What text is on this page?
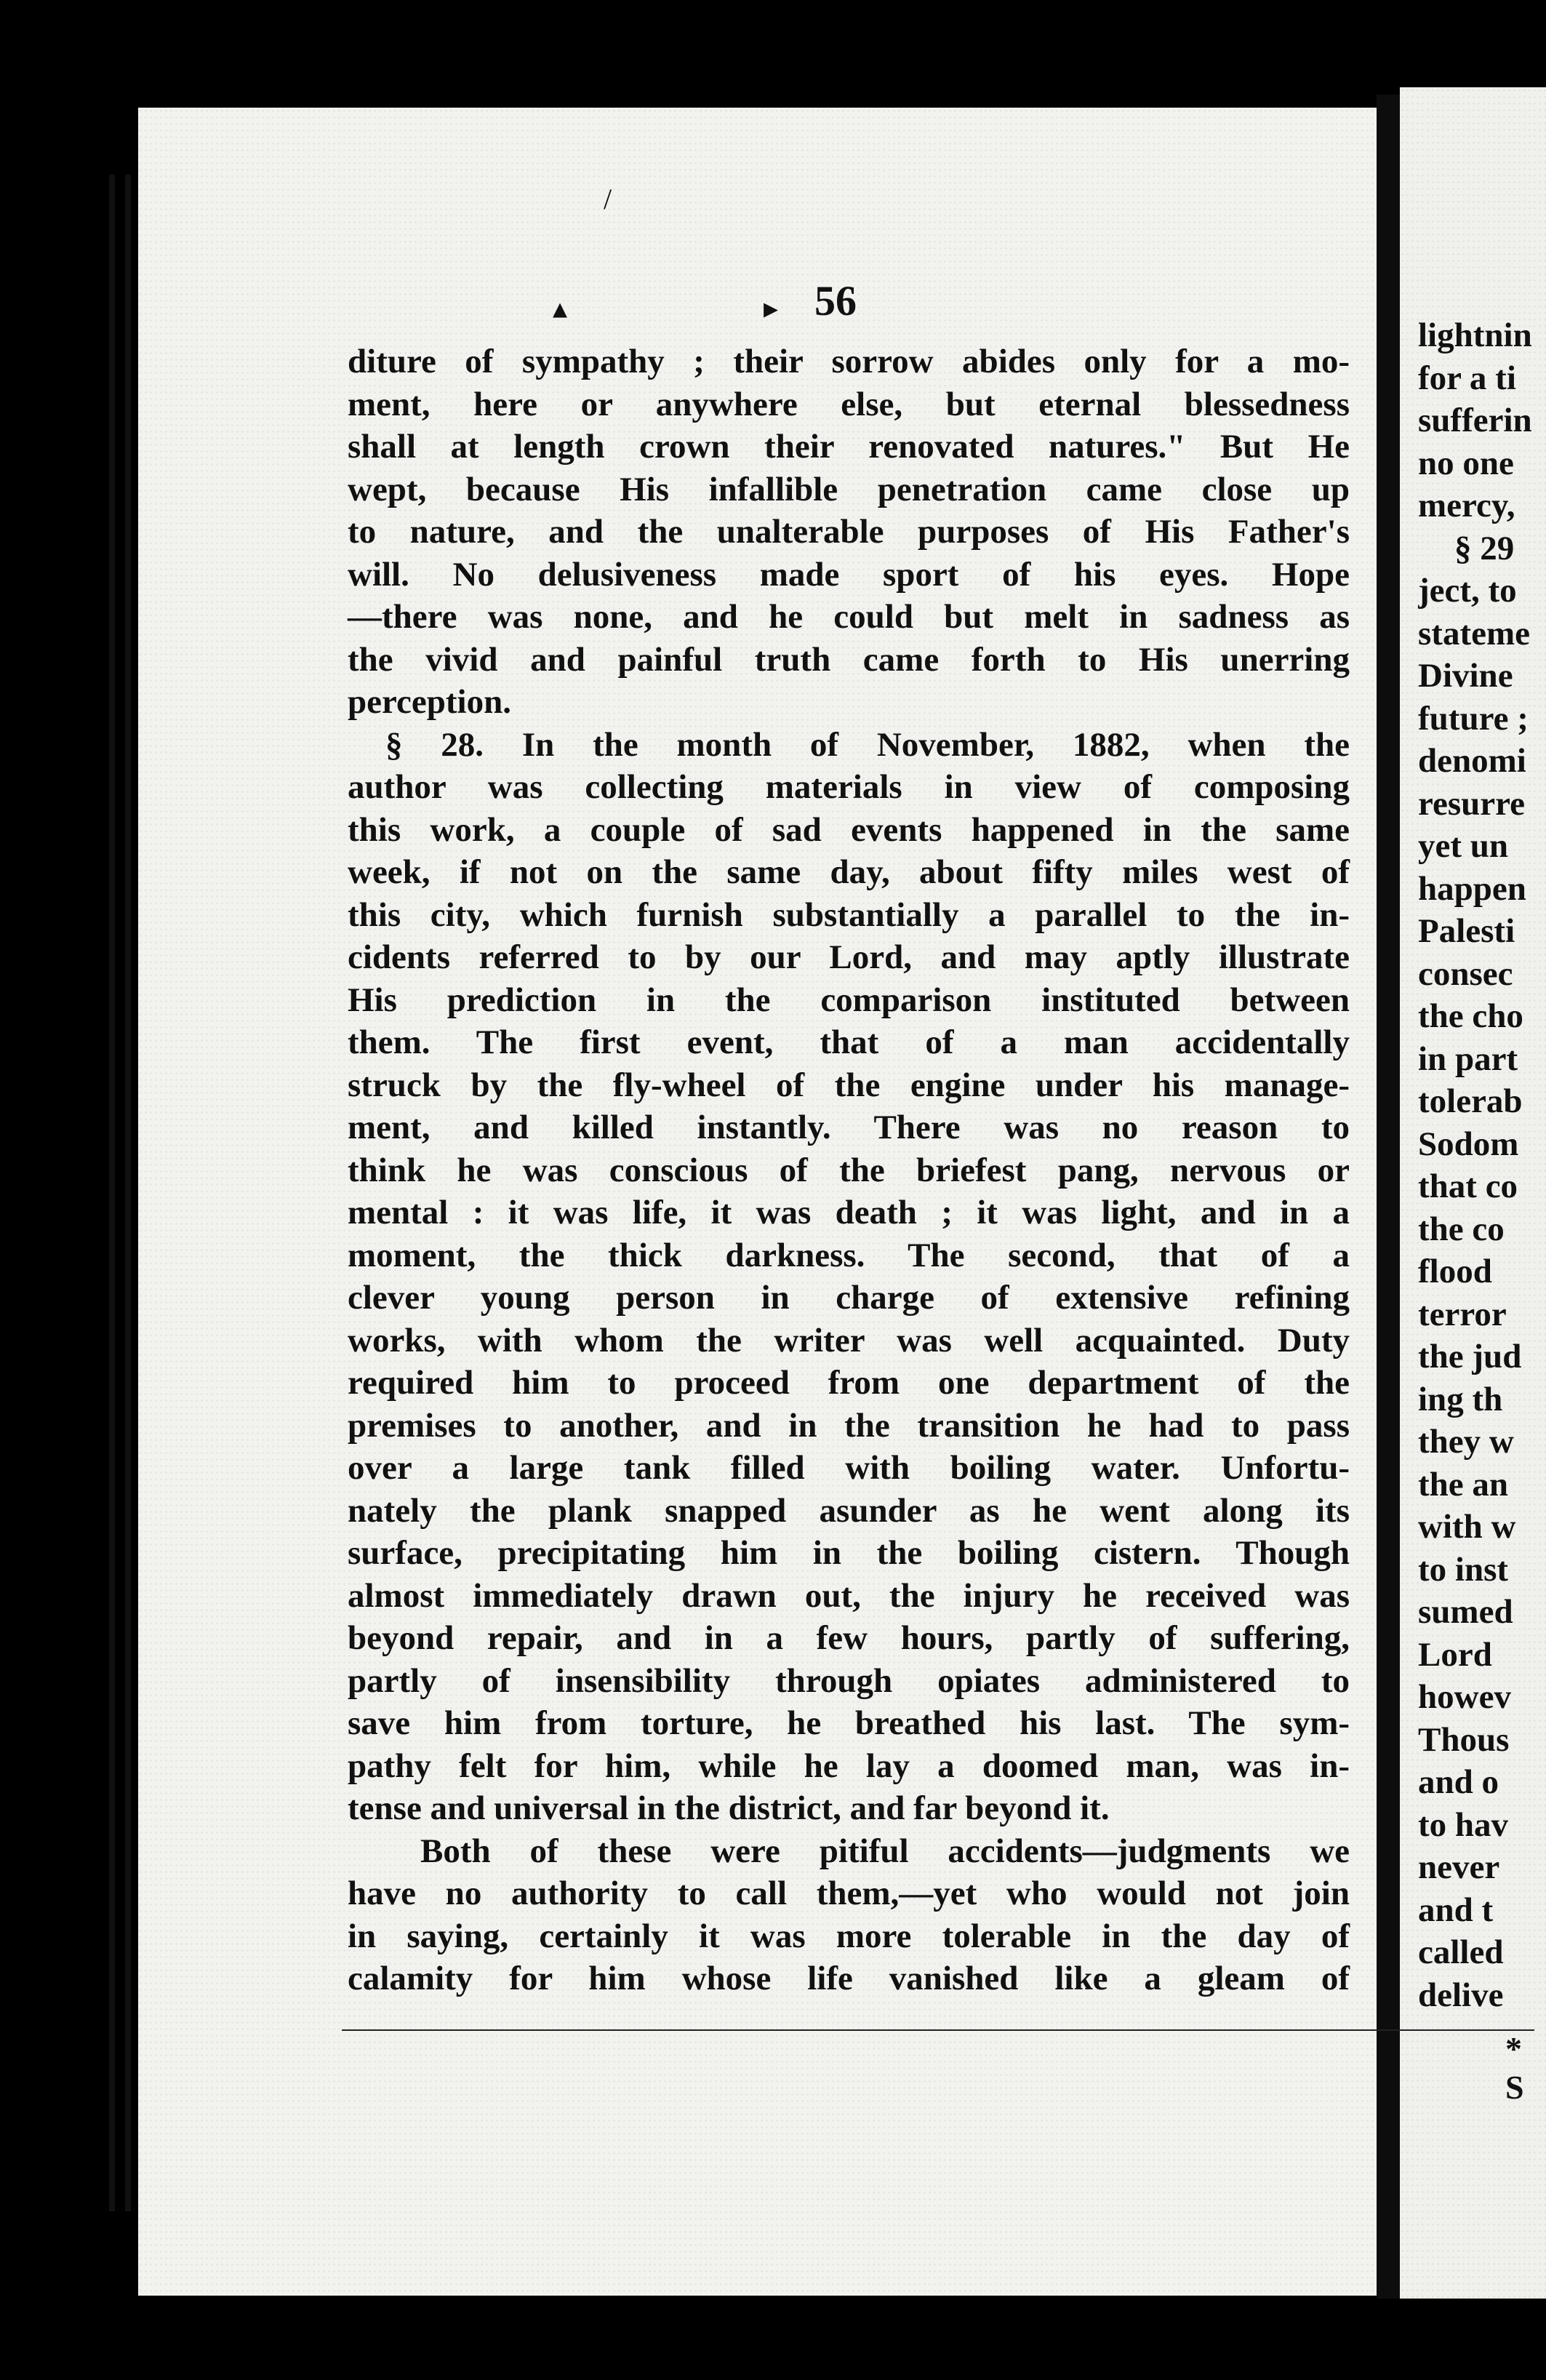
/
▴	▸ 56
diture of sympathy ; their sorrow abides only for a mo-
ment, here or anywhere else, but eternal blessedness
shall at length crown their renovated natures." But He
wept, because His infallible penetration came close up
to nature, and the unalterable purposes of His Father's
will. No delusiveness made sport of his eyes. Hope
—there was none, and he could but melt in sadness as
the vivid and painful truth came forth to His unerring
perception.
§ 28. In the month of November, 1882, when the
author was collecting materials in view of composing
this work, a couple of sad events happened in the same
week, if not on the same day, about fifty miles west of
this city, which furnish substantially a parallel to the in-
cidents referred to by our Lord, and may aptly illustrate
His prediction in the comparison instituted between
them. The first event, that of a man accidentally
struck by the fly-wheel of the engine under his manage-
ment, and killed instantly. There was no reason to
think he was conscious of the briefest pang, nervous or
mental : it was life, it was death ; it was light, and in a
moment, the thick darkness. The second, that of a
clever young person in charge of extensive refining
works, with whom the writer was well acquainted. Duty
required him to proceed from one department of the
premises to another, and in the transition he had to pass
over a large tank filled with boiling water. Unfortu-
nately the plank snapped asunder as he went along its
surface, precipitating him in the boiling cistern. Though
almost immediately drawn out, the injury he received was
beyond repair, and in a few hours, partly of suffering,
partly of insensibility through opiates administered to
save him from torture, he breathed his last. The sym-
pathy felt for him, while he lay a doomed man, was in-
tense and universal in the district, and far beyond it.
Both of these were pitiful accidents—judgments we
have no authority to call them,—yet who would not join
in saying, certainly it was more tolerable in the day of
calamity for him whose life vanished like a gleam of
lightnin
for a ti
sufferin
no one
mercy,
§ 29
ject, to
stateme
Divine
future ;
denomi
resurre
yet un
happen
Palesti
consec
the cho
in part
tolerab
Sodom
that co
the co
flood
terror
the jud
ing th
they w
the an
with w
to inst
sumed
Lord
howev
Thous
and o
to hav
never
and t
called
delive
* S
